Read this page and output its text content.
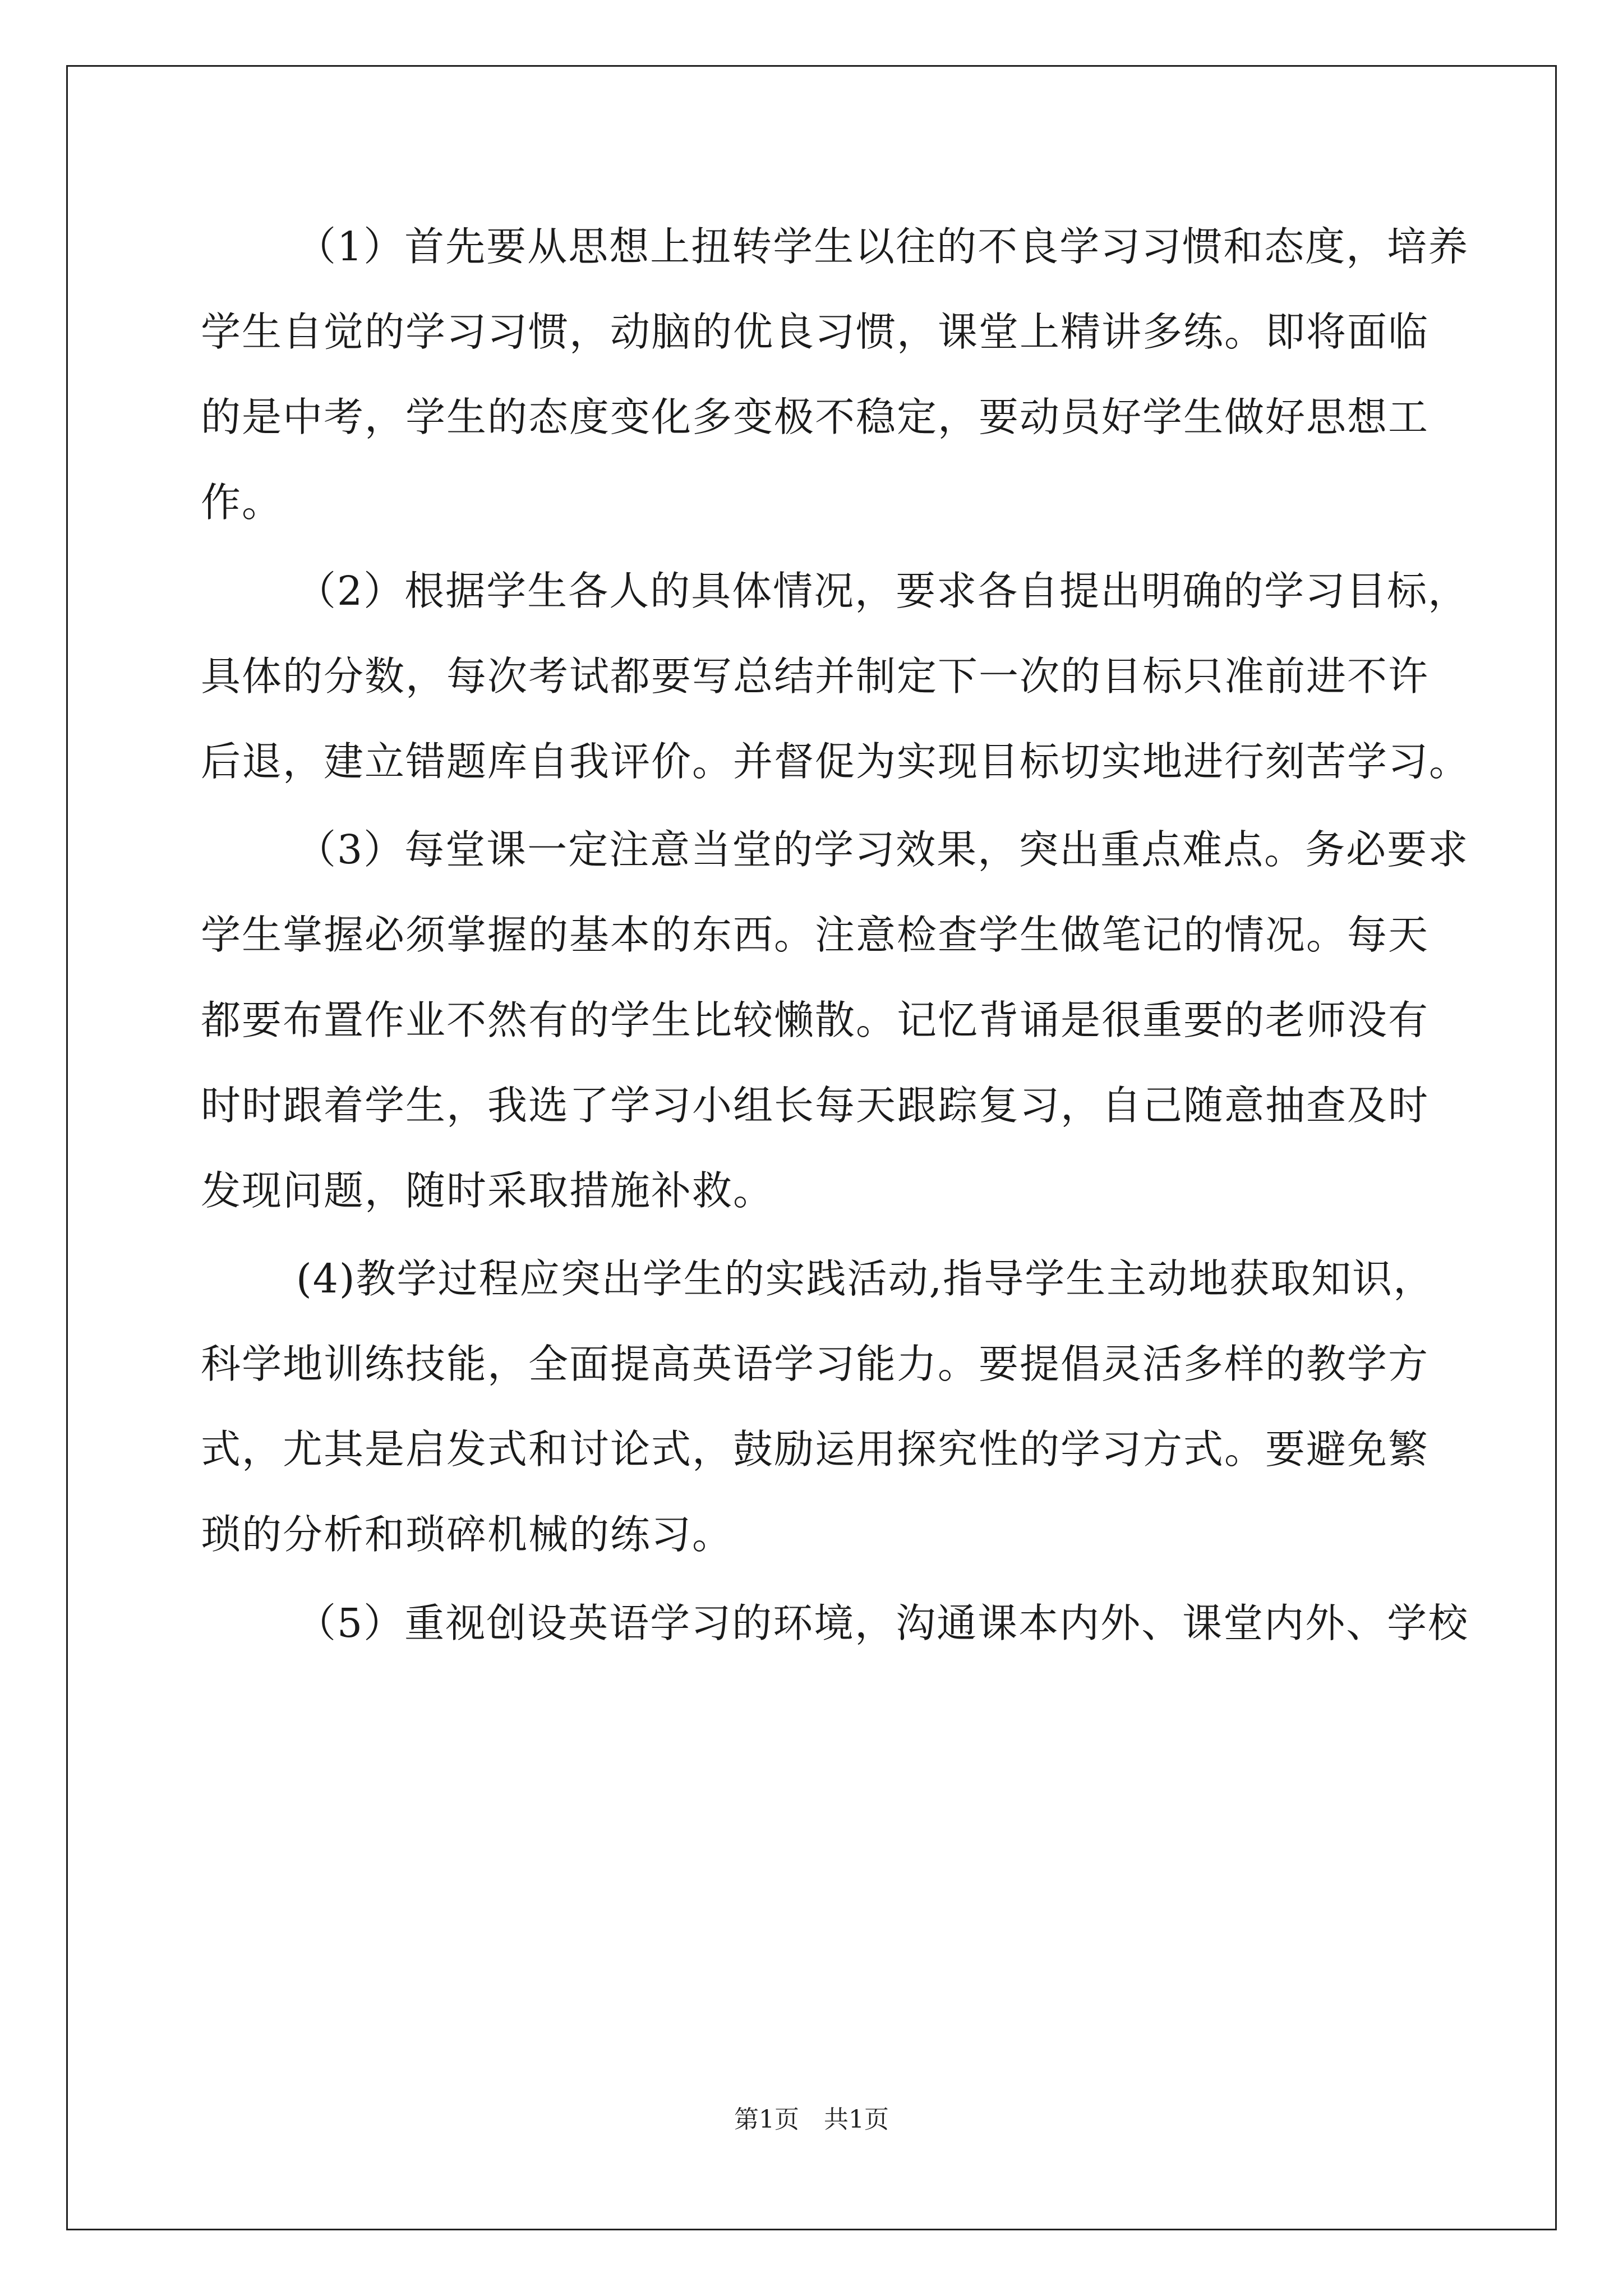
（1）首先要从思想上扭转学生以往的不良学习习惯和态度，培养
学生自觉的学习习惯，动脑的优良习惯，课堂上精讲多练。即将面临
的是中考，学生的态度变化多变极不稳定，要动员好学生做好思想工
作。
（2）根据学生各人的具体情况，要求各自提出明确的学习目标，
具体的分数，每次考试都要写总结并制定下一次的目标只准前进不许
后退，建立错题库自我评价。并督促为实现目标切实地进行刻苦学习。
（3）每堂课一定注意当堂的学习效果，突出重点难点。务必要求
学生掌握必须掌握的基本的东西。注意检查学生做笔记的情况。每天
都要布置作业不然有的学生比较懒散。记忆背诵是很重要的老师没有
时时跟着学生，我选了学习小组长每天跟踪复习，自己随意抽查及时
发现问题，随时采取措施补救。
(4)教学过程应突出学生的实践活动,指导学生主动地获取知识，
科学地训练技能，全面提高英语学习能力。要提倡灵活多样的教学方
式，尤其是启发式和讨论式，鼓励运用探究性的学习方式。要避免繁
琐的分析和琐碎机械的练习。
（5）重视创设英语学习的环境，沟通课本内外、课堂内外、学校
第1页 共1页
